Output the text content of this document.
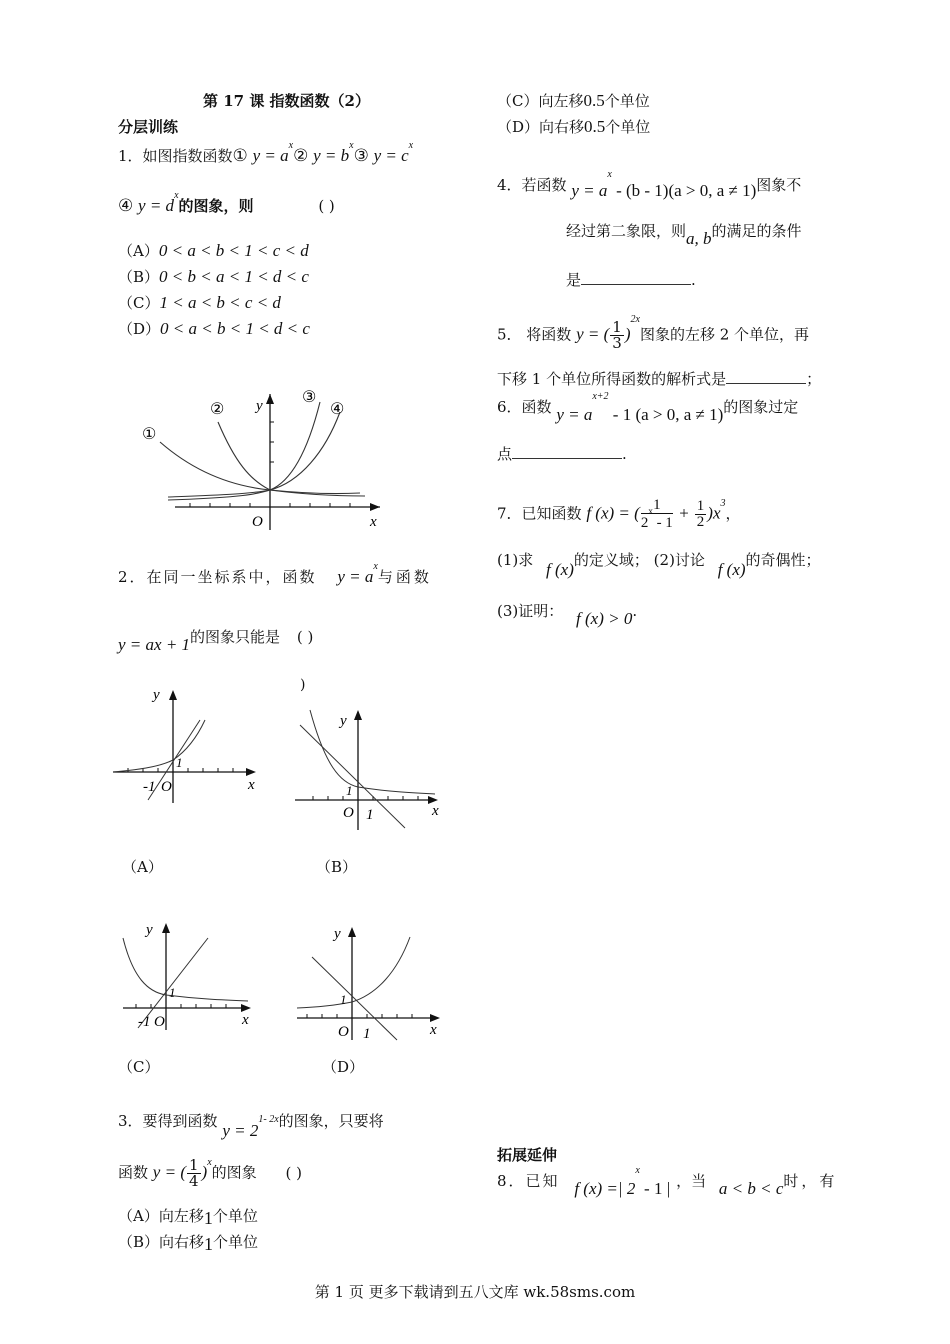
第 17 课 指数函数（2）
分层训练
1．如图指数函数① $y = a^x②$ $y = b^x③$ $y = c^x$
④ $y = d^x$的图象，则	( )
（A）0 < a < b < 1 < c < d
（B）0 < b < a < 1 < d < c
（C）1 < a < b < c < d
（D）0 < a < b < 1 < d < c
①
②
③
④
y
x
O
2．在同一坐标系中，函数 $y = a^x$与函数
y = ax + 1的图象只能是 ( )
)
y
x
-1 O
1
y
x
O 1
1
（A）	（B）
y
x
-1 O
1
y
x
O 1
1
（C）	（D）
3．要得到函数 $y = 2^{1- 2x}$的图象，只要将
函数 y = ( $\frac{1}{4} )^x$的图象 ( )
（A）向左移1个单位
（B）向右移1个单位
（C）向左移0.5个单位
（D）向右移0.5个单位
4．若函数 $y = a^x - (b - 1)(a > 0$, a ≠ 1)图象不
经过第二象限，则a, b的满足的条件
是	.
5． 将函数 y = ( $\frac{1}{3} )^{2x}$图象的左移 2 个单位，再
下移 1 个单位所得函数的解析式是	；
6．函数 $y = a^{x+2} - 1$ (a > 0, a ≠ 1)的图象过定
点	.
7．已知函数 f (x) = ( $\frac{1}{2^x - 1} + \frac{1}{2} )x^3$，
(1)求 f (x)的定义域； (2)讨论 f (x)的奇偶性；
(3)证明： f (x) > 0.
拓展延伸
8．已知 f (x) =| 2$^x$ - 1 | ，当 a < b < c时，有
第 1 页 更多下载请到五八文库 wk.58sms.com
